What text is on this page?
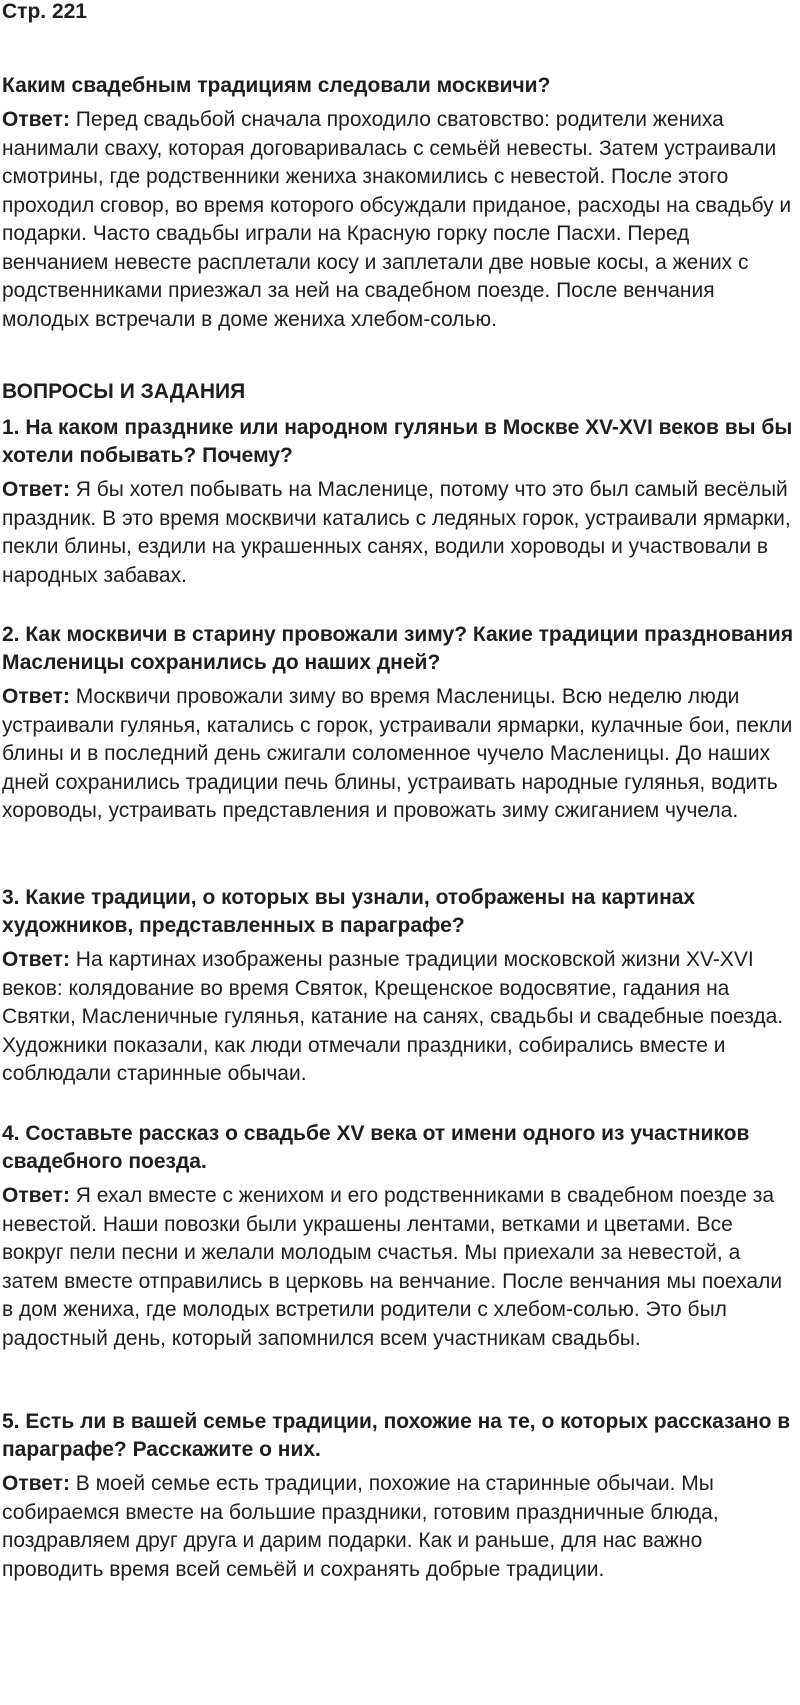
Стр. 221

Каким свадебным традициям следовали москвичи?

Ответ: Перед свадьбой сначала проходило сватовство: родители жениха нанимали сваху, которая договаривалась с семьёй невесты. Затем устраивали смотрины, где родственники жениха знакомились с невестой. После этого проходил сговор, во время которого обсуждали приданое, расходы на свадьбу и подарки. Часто свадьбы играли на Красную горку после Пасхи. Перед венчанием невесте расплетали косу и заплетали две новые косы, а жених с родственниками приезжал за ней на свадебном поезде. После венчания молодых встречали в доме жениха хлебом-солью.

ВОПРОСЫ И ЗАДАНИЯ

1. На каком празднике или народном гуляньи в Москве XV-XVI веков вы бы хотели побывать? Почему?

Ответ: Я бы хотел побывать на Масленице, потому что это был самый весёлый праздник. В это время москвичи катались с ледяных горок, устраивали ярмарки, пекли блины, ездили на украшенных санях, водили хороводы и участвовали в народных забавах.

2. Как москвичи в старину провожали зиму? Какие традиции празднования Масленицы сохранились до наших дней?

Ответ: Москвичи провожали зиму во время Масленицы. Всю неделю люди устраивали гулянья, катались с горок, устраивали ярмарки, кулачные бои, пекли блины и в последний день сжигали соломенное чучело Масленицы. До наших дней сохранились традиции печь блины, устраивать народные гулянья, водить хороводы, устраивать представления и провожать зиму сжиганием чучела.

3. Какие традиции, о которых вы узнали, отображены на картинах художников, представленных в параграфе?

Ответ: На картинах изображены разные традиции московской жизни XV-XVI веков: колядование во время Святок, Крещенское водосвятие, гадания на Святки, Масленичные гулянья, катание на санях, свадьбы и свадебные поезда. Художники показали, как люди отмечали праздники, собирались вместе и соблюдали старинные обычаи.

4. Составьте рассказ о свадьбе XV века от имени одного из участников свадебного поезда.

Ответ: Я ехал вместе с женихом и его родственниками в свадебном поезде за невестой. Наши повозки были украшены лентами, ветками и цветами. Все вокруг пели песни и желали молодым счастья. Мы приехали за невестой, а затем вместе отправились в церковь на венчание. После венчания мы поехали в дом жениха, где молодых встретили родители с хлебом-солью. Это был радостный день, который запомнился всем участникам свадьбы.

5. Есть ли в вашей семье традиции, похожие на те, о которых рассказано в параграфе? Расскажите о них.

Ответ: В моей семье есть традиции, похожие на старинные обычаи. Мы собираемся вместе на большие праздники, готовим праздничные блюда, поздравляем друг друга и дарим подарки. Как и раньше, для нас важно проводить время всей семьёй и сохранять добрые традиции.
